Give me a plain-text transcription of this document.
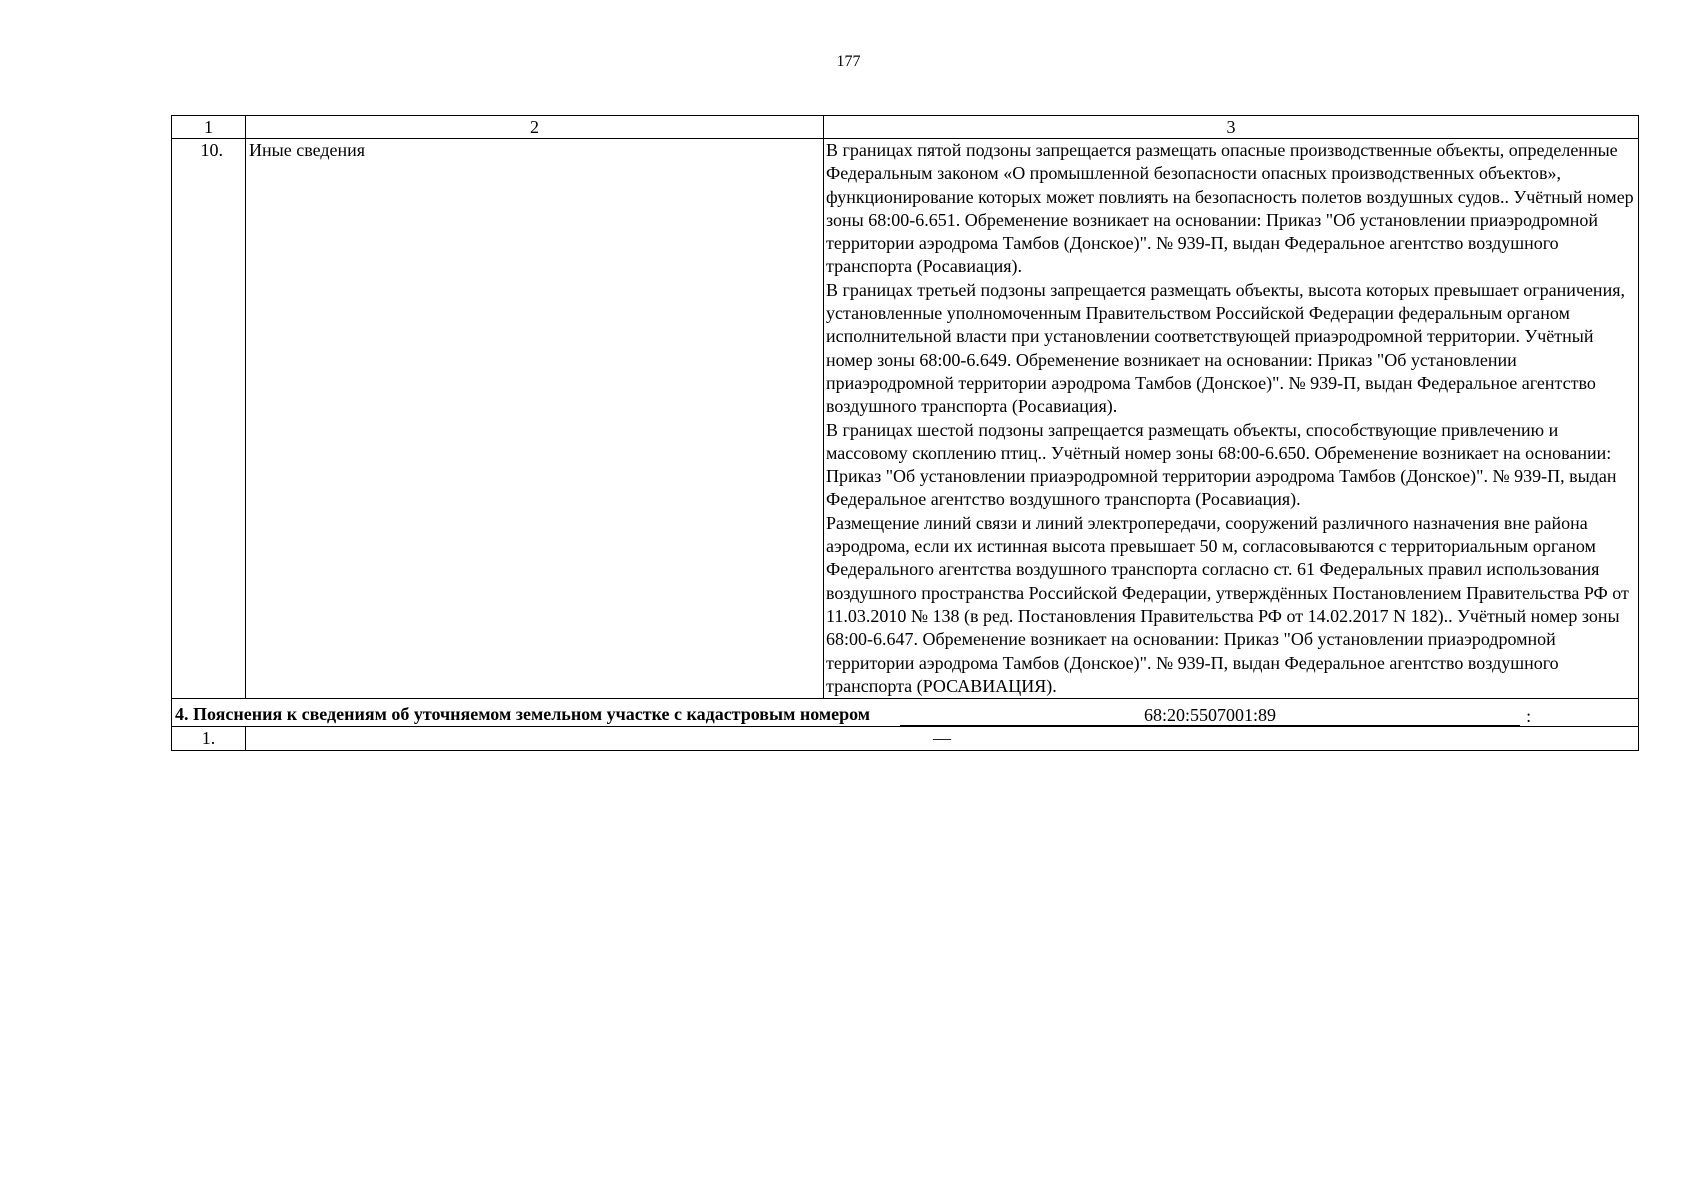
177
1	2	3
10.	Иные сведения	В границах пятой подзоны запрещается размещать опасные производственные объекты, определенные Федеральным законом «О промышленной безопасности опасных производственных объектов», функционирование которых может повлиять на безопасность полетов воздушных судов.. Учётный номер зоны 68:00-6.651. Обременение возникает на основании: Приказ "Об установлении приаэродромной территории аэродрома Тамбов (Донское)". № 939-П, выдан Федеральное агентство воздушного транспорта (Росавиация).

В границах третьей подзоны запрещается размещать объекты, высота которых превышает ограничения, установленные уполномоченным Правительством Российской Федерации федеральным органом исполнительной власти при установлении соответствующей приаэродромной территории. Учётный номер зоны 68:00-6.649. Обременение возникает на основании: Приказ "Об установлении приаэродромной территории аэродрома Тамбов (Донское)". № 939-П, выдан Федеральное агентство воздушного транспорта (Росавиация).

В границах шестой подзоны запрещается размещать объекты, способствующие привлечению и массовому скоплению птиц.. Учётный номер зоны 68:00-6.650. Обременение возникает на основании: Приказ "Об установлении приаэродромной территории аэродрома Тамбов (Донское)". № 939-П, выдан Федеральное агентство воздушного транспорта (Росавиация).

Размещение линий связи и линий электропередачи, сооружений различного назначения вне района аэродрома, если их истинная высота превышает 50 м, согласовываются с территориальным органом Федерального агентства воздушного транспорта согласно ст. 61 Федеральных правил использования воздушного пространства Российской Федерации, утверждённых Постановлением Правительства РФ от 11.03.2010 № 138 (в ред. Постановления Правительства РФ от 14.02.2017 N 182).. Учётный номер зоны 68:00-6.647. Обременение возникает на основании: Приказ "Об установлении приаэродромной территории аэродрома Тамбов (Донское)". № 939-П, выдан Федеральное агентство воздушного транспорта (РОСАВИАЦИЯ).

4. Пояснения к сведениям об уточняемом земельном участке с кадастровым номером 68:20:5507001:89 :		

1.	—	
